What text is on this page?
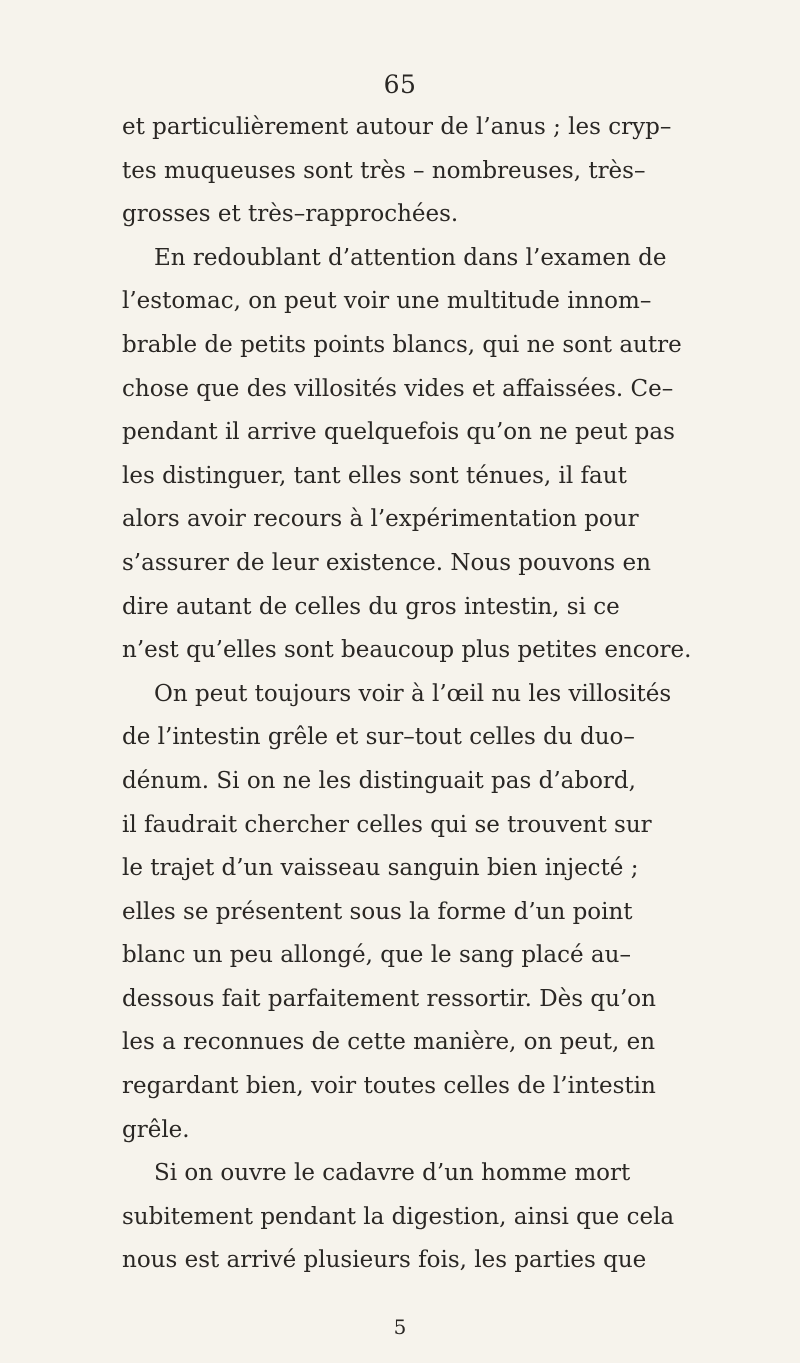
65
et particulièrement autour de l’anus ; les cryp–
tes muqueuses sont très – nombreuses, très–
grosses et très–rapprochées.
En redoublant d’attention dans l’examen de
l’estomac, on peut voir une multitude innom–
brable de petits points blancs, qui ne sont autre
chose que des villosités vides et affaissées. Ce–
pendant il arrive quelquefois qu’on ne peut pas
les distinguer, tant elles sont ténues, il faut
alors avoir recours à l’expérimentation pour
s’assurer de leur existence. Nous pouvons en
dire autant de celles du gros intestin, si ce
n’est qu’elles sont beaucoup plus petites encore.
On peut toujours voir à l’œil nu les villosités
de l’intestin grêle et sur–tout celles du duo–
dénum. Si on ne les distinguait pas d’abord,
il faudrait chercher celles qui se trouvent sur
le trajet d’un vaisseau sanguin bien injecté ;
elles se présentent sous la forme d’un point
blanc un peu allongé, que le sang placé au–
dessous fait parfaitement ressortir. Dès qu’on
les a reconnues de cette manière, on peut, en
regardant bien, voir toutes celles de l’intestin
grêle.
Si on ouvre le cadavre d’un homme mort
subitement pendant la digestion, ainsi que cela
nous est arrivé plusieurs fois, les parties que
5
